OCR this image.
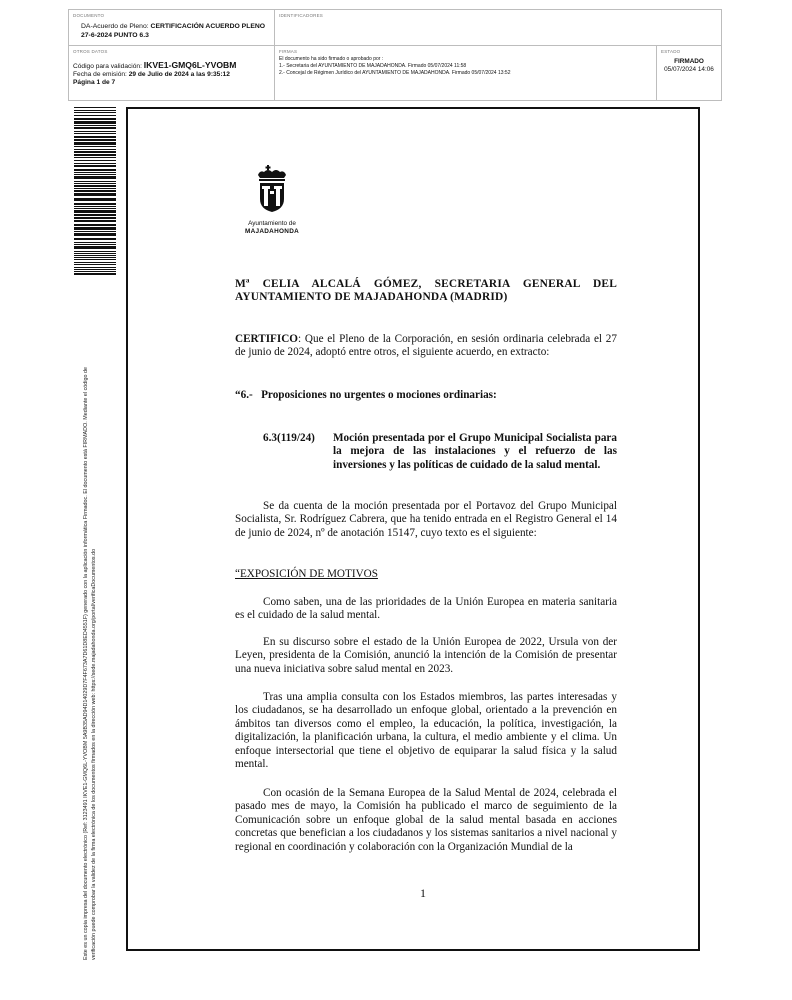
DOCUMENTO
DA-Acuerdo de Pleno: CERTIFICACIÓN ACUERDO PLENO 27-6-2024 PUNTO 6.3
IDENTIFICADORES
OTROS DATOS
Código para validación: IKVE1-GMQ6L-YVOBM
Fecha de emisión: 29 de Julio de 2024 a las 9:35:12
Página 1 de 7
FIRMAS
El documento ha sido firmado o aprobado por :
1.- Secretaria del AYUNTAMIENTO DE MAJADAHONDA. Firmado 05/07/2024 11:58
2.- Concejal de Régimen Jurídico del AYUNTAMIENTO DE MAJADAHONDA. Firmado 05/07/2024 13:52
ESTADO
FIRMADO
05/07/2024 14:06
Este es un copia impresa del documento electrónico (Ref: 3123491 IKVE1-GMQ6L-YVOBM 5A9B35AD94D14029D7F4F673A7D61D8ED4551F) generado con la aplicación informática Firmadoc. El documento está FIRMADO. Mediante el código de verificación puede comprobar la validez de la firma electrónica de los documentos firmados en la dirección web: https://sede.majadahonda.org/portal/verificaDocumentos.do
Ayuntamiento de
MAJADAHONDA
Mª CELIA ALCALÁ GÓMEZ, SECRETARIA GENERAL DEL AYUNTAMIENTO DE MAJADAHONDA (MADRID)
CERTIFICO: Que el Pleno de la Corporación, en sesión ordinaria celebrada el 27 de junio de 2024, adoptó entre otros, el siguiente acuerdo, en extracto:
“6.-   Proposiciones no urgentes o mociones ordinarias:
6.3(119/24) Moción presentada por el Grupo Municipal Socialista para la mejora de las instalaciones y el refuerzo de las inversiones y las políticas de cuidado de la salud mental.
Se da cuenta de la moción presentada por el Portavoz del Grupo Municipal Socialista, Sr. Rodríguez Cabrera, que ha tenido entrada en el Registro General el 14 de junio de 2024, nº de anotación 15147, cuyo texto es el siguiente:
“EXPOSICIÓN DE MOTIVOS
Como saben, una de las prioridades de la Unión Europea en materia sanitaria es el cuidado de la salud mental.
En su discurso sobre el estado de la Unión Europea de 2022, Ursula von der Leyen, presidenta de la Comisión, anunció la intención de la Comisión de presentar una nueva iniciativa sobre salud mental en 2023.
Tras una amplia consulta con los Estados miembros, las partes interesadas y los ciudadanos, se ha desarrollado un enfoque global, orientado a la prevención en ámbitos tan diversos como el empleo, la educación, la política, investigación, la digitalización, la planificación urbana, la cultura, el medio ambiente y el clima. Un enfoque intersectorial que tiene el objetivo de equiparar la salud física y la salud mental.
Con ocasión de la Semana Europea de la Salud Mental de 2024, celebrada el pasado mes de mayo, la Comisión ha publicado el marco de seguimiento de la Comunicación sobre un enfoque global de la salud mental basada en acciones concretas que benefician a los ciudadanos y los sistemas sanitarios a nivel nacional y regional en coordinación y colaboración con la Organización Mundial de la
1
